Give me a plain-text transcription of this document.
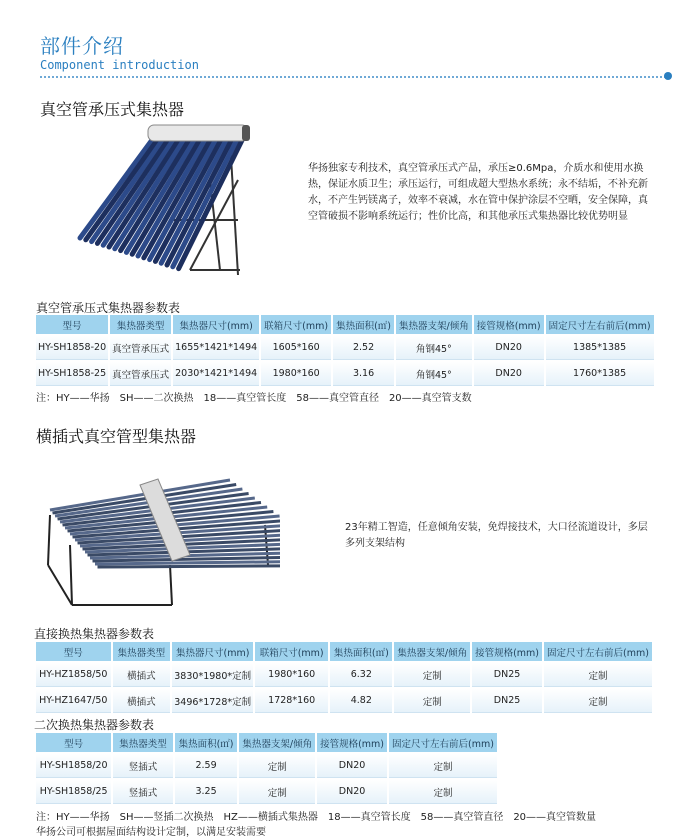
部件介绍
Component introduction
真空管承压式集热器
华扬独家专利技术，真空管承压式产品，承压≥0.6Mpa，介质水和使用水换热，保证水质卫生；承压运行，可组成超大型热水系统；永不结垢，不补充新水，不产生钙镁离子，效率不衰减，水在管中保护涂层不空晒，安全保障，真空管破损不影响系统运行；性价比高，和其他承压式集热器比较优势明显
真空管承压式集热器参数表
型号	集热器类型	集热器尺寸(mm)	联箱尺寸(mm)	集热面积(㎡)	集热器支架/倾角	接管规格(mm)	固定尺寸左右前后(mm)
HY-SH1858-20	真空管承压式	1655*1421*1494	1605*160	2.52	角钢45°	DN20	1385*1385
HY-SH1858-25	真空管承压式	2030*1421*1494	1980*160	3.16	角钢45°	DN20	1760*1385
注：HY——华扬　SH——二次换热　18——真空管长度　58——真空管直径　20——真空管支数
横插式真空管型集热器
23年精工智造，任意倾角安装，免焊接技术，大口径流道设计，多层多列支架结构
直接换热集热器参数表
型号	集热器类型	集热器尺寸(mm)	联箱尺寸(mm)	集热面积(㎡)	集热器支架/倾角	接管规格(mm)	固定尺寸左右前后(mm)
HY-HZ1858/50	横插式	3830*1980*定制	1980*160	6.32	定制	DN25	定制
HY-HZ1647/50	横插式	3496*1728*定制	1728*160	4.82	定制	DN25	定制
二次换热集热器参数表
型号	集热器类型	集热面积(㎡)	集热器支架/倾角	接管规格(mm)	固定尺寸左右前后(mm)
HY-SH1858/20	竖插式	2.59	定制	DN20	定制
HY-SH1858/25	竖插式	3.25	定制	DN20	定制
注：HY——华扬　SH——竖插二次换热　HZ——横插式集热器　18——真空管长度　58——真空管直径　20——真空管数量
华扬公司可根据屋面结构设计定制，以满足安装需要
